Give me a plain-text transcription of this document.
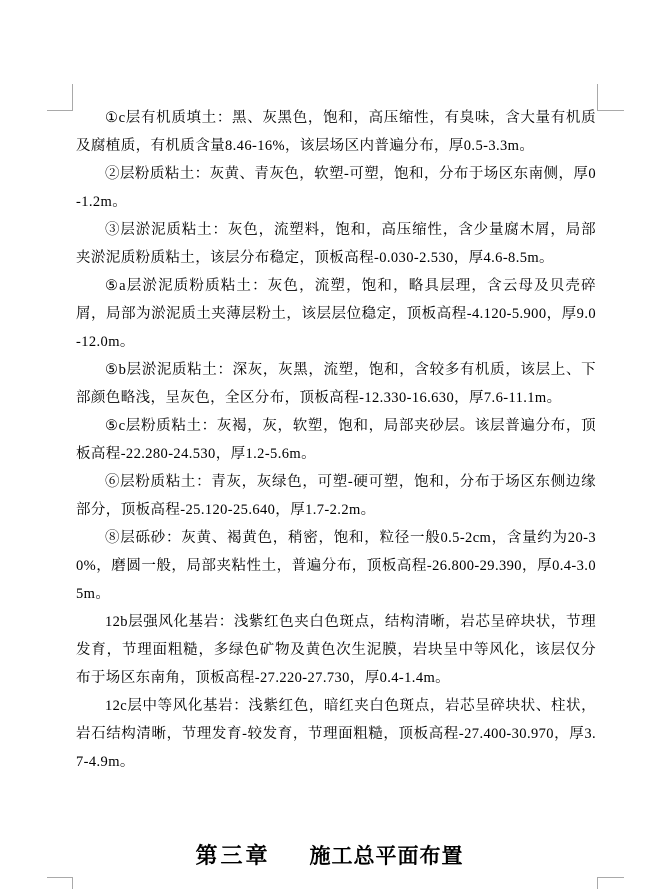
①c层有机质填土：黑、灰黑色，饱和，高压缩性，有臭味，含大量有机质及腐植质，有机质含量8.46-16%，该层场区内普遍分布，厚0.5-3.3m。

②层粉质粘土：灰黄、青灰色，软塑-可塑，饱和，分布于场区东南侧，厚0-1.2m。

③层淤泥质粘土：灰色，流塑料，饱和，高压缩性，含少量腐木屑，局部夹淤泥质粉质粘土，该层分布稳定，顶板高程-0.030-2.530，厚4.6-8.5m。

⑤a层淤泥质粉质粘土：灰色，流塑，饱和，略具层理，含云母及贝壳碎屑，局部为淤泥质土夹薄层粉土，该层层位稳定，顶板高程-4.120-5.900，厚9.0-12.0m。

⑤b层淤泥质粘土：深灰，灰黑，流塑，饱和，含较多有机质，该层上、下部颜色略浅，呈灰色，全区分布，顶板高程-12.330-16.630，厚7.6-11.1m。

⑤c层粉质粘土：灰褐，灰，软塑，饱和，局部夹砂层。该层普遍分布，顶板高程-22.280-24.530，厚1.2-5.6m。

⑥层粉质粘土：青灰，灰绿色，可塑-硬可塑，饱和，分布于场区东侧边缘部分，顶板高程-25.120-25.640，厚1.7-2.2m。

⑧层砾砂：灰黄、褐黄色，稍密，饱和，粒径一般0.5-2cm，含量约为20-30%，磨圆一般，局部夹粘性土，普遍分布，顶板高程-26.800-29.390，厚0.4-3.05m。

12b层强风化基岩：浅紫红色夹白色斑点，结构清晰，岩芯呈碎块状，节理发育，节理面粗糙，多绿色矿物及黄色次生泥膜，岩块呈中等风化，该层仅分布于场区东南角，顶板高程-27.220-27.730，厚0.4-1.4m。

12c层中等风化基岩：浅紫红色，暗红夹白色斑点，岩芯呈碎块状、柱状，岩石结构清晰，节理发育-较发育，节理面粗糙，顶板高程-27.400-30.970，厚3.7-4.9m。

第三章 施工总平面布置
